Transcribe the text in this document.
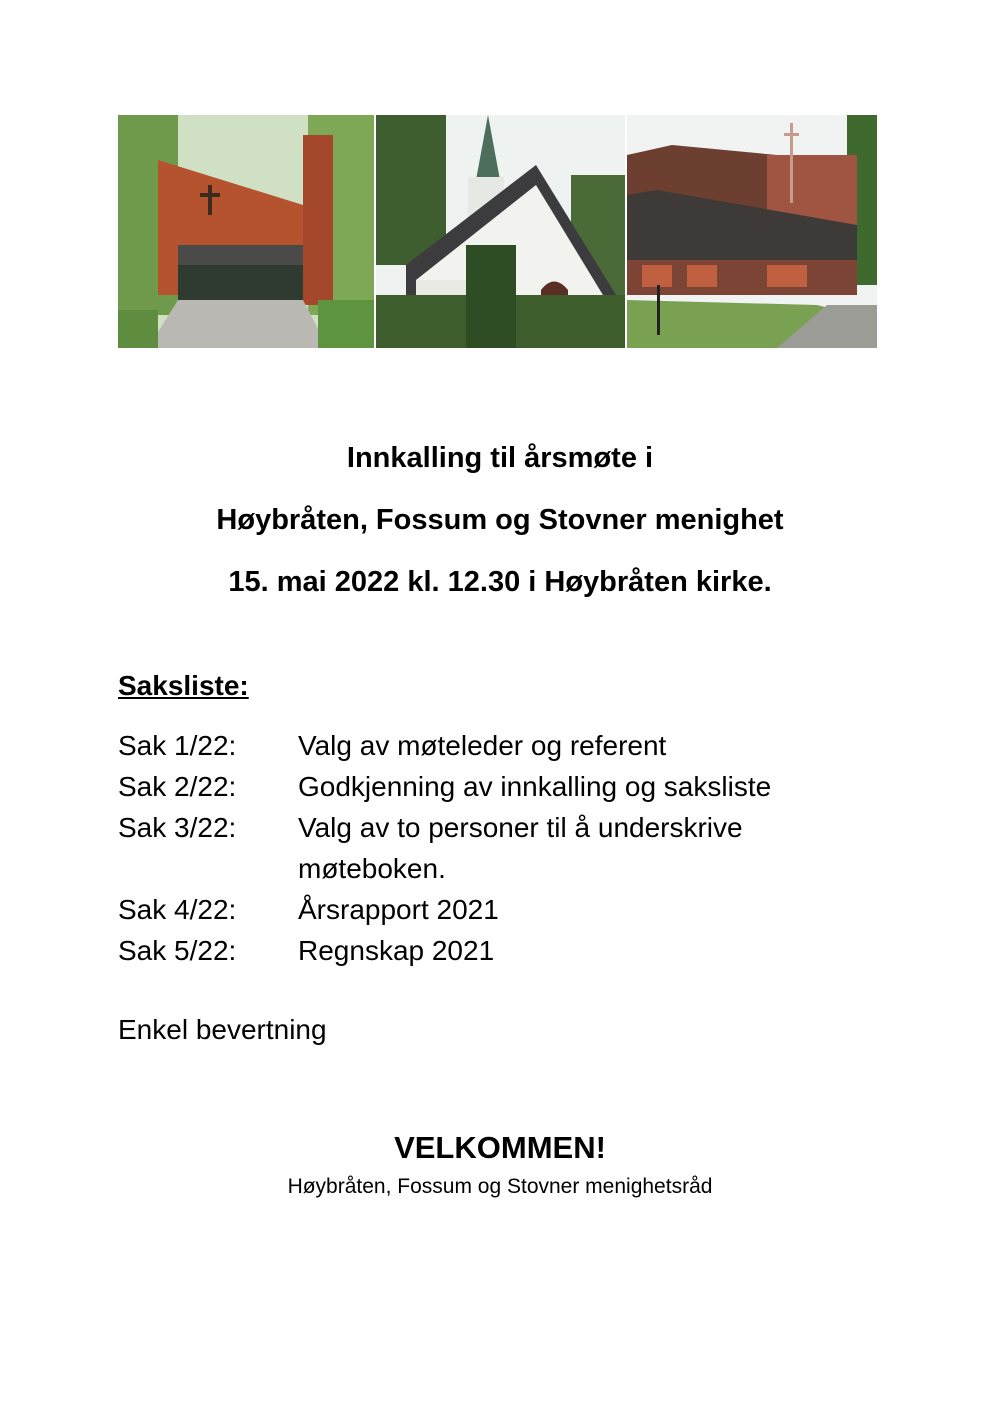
Innkalling til årsmøte i
Høybråten, Fossum og Stovner menighet
15. mai 2022 kl. 12.30 i Høybråten kirke.
Saksliste:
Sak 1/22:	Valg av møteleder og referent
Sak 2/22:	Godkjenning av innkalling og saksliste
Sak 3/22:	Valg av to personer til å underskrive møteboken.
Sak 4/22:	Årsrapport 2021
Sak 5/22:	Regnskap 2021
Enkel bevertning
VELKOMMEN!
Høybråten, Fossum og Stovner menighetsråd
